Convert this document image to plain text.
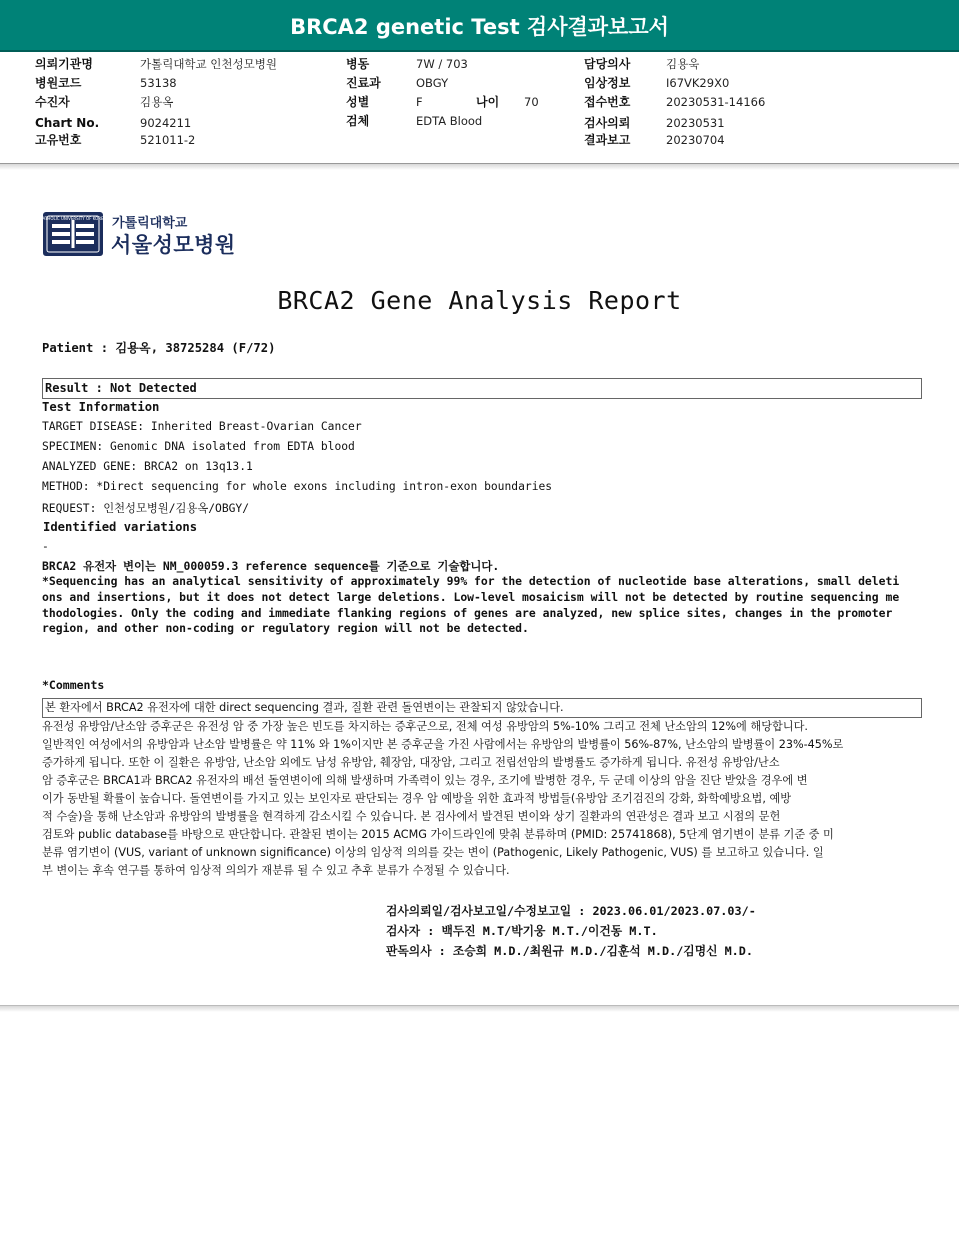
BRCA2 genetic Test 검사결과보고서
의뢰기관명	가톨릭대학교 인천성모병원
병원코드	53138
수진자	김용옥
Chart No.	9024211
고유번호	521011-2
병동	7W / 703
진료과	OBGY
성별	F	나이 70
검체	EDTA Blood
담당의사	김용욱
임상정보	I67VK29X0
접수번호	20230531-14166
검사의뢰	20230531
결과보고	20230704
CATHOLIC UNIVERSITY OF KOREA 가톨릭대학교
서울성모병원
BRCA2 Gene Analysis Report
Patient : 김용옥, 38725284 (F/72)
Result : Not Detected
Test Information
TARGET DISEASE: Inherited Breast-Ovarian Cancer
SPECIMEN: Genomic DNA isolated from EDTA blood
ANALYZED GENE: BRCA2 on 13q13.1
METHOD: *Direct sequencing for whole exons including intron-exon boundaries
REQUEST: 인천성모병원/김용옥/OBGY/
Identified variations
-
BRCA2 유전자 변이는 NM_000059.3 reference sequence를 기준으로 기술합니다.
*Sequencing has an analytical sensitivity of approximately 99% for the detection of nucleotide base alterations, small deleti
ons and insertions, but it does not detect large deletions. Low-level mosaicism will not be detected by routine sequencing me
thodologies. Only the coding and immediate flanking regions of genes are analyzed, new splice sites, changes in the promoter
region, and other non-coding or regulatory region will not be detected.
*Comments
본 환자에서 BRCA2 유전자에 대한 direct sequencing 결과, 질환 관련 돌연변이는 관찰되지 않았습니다.
유전성 유방암/난소암 증후군은 유전성 암 중 가장 높은 빈도를 차지하는 증후군으로, 전체 여성 유방암의 5%-10% 그리고 전체 난소암의 12%에 해당합니다.
일반적인 여성에서의 유방암과 난소암 발병률은 약 11% 와 1%이지만 본 증후군을 가진 사람에서는 유방암의 발병률이 56%-87%, 난소암의 발병률이 23%-45%로
증가하게 됩니다. 또한 이 질환은 유방암, 난소암 외에도 남성 유방암, 췌장암, 대장암, 그리고 전립선암의 발병률도 증가하게 됩니다. 유전성 유방암/난소
암 증후군은 BRCA1과 BRCA2 유전자의 배선 돌연변이에 의해 발생하며 가족력이 있는 경우, 조기에 발병한 경우, 두 군데 이상의 암을 진단 받았을 경우에 변
이가 동반될 확률이 높습니다. 돌연변이를 가지고 있는 보인자로 판단되는 경우 암 예방을 위한 효과적 방법들(유방암 조기검진의 강화, 화학예방요법, 예방
적 수술)을 통해 난소암과 유방암의 발병률을 현격하게 감소시킬 수 있습니다. 본 검사에서 발견된 변이와 상기 질환과의 연관성은 결과 보고 시점의 문헌
검토와 public database를 바탕으로 판단합니다. 관찰된 변이는 2015 ACMG 가이드라인에 맞춰 분류하며 (PMID: 25741868), 5단계 염기변이 분류 기준 중 미
분류 염기변이 (VUS, variant of unknown significance) 이상의 임상적 의의를 갖는 변이 (Pathogenic, Likely Pathogenic, VUS) 를 보고하고 있습니다. 일
부 변이는 후속 연구를 통하여 임상적 의의가 재분류 될 수 있고 추후 분류가 수정될 수 있습니다.
검사의뢰일/검사보고일/수정보고일 : 2023.06.01/2023.07.03/-
검사자 : 백두진 M.T/박기웅 M.T./이건동 M.T.
판독의사 : 조승희 M.D./최원규 M.D./김훈석 M.D./김명신 M.D.
